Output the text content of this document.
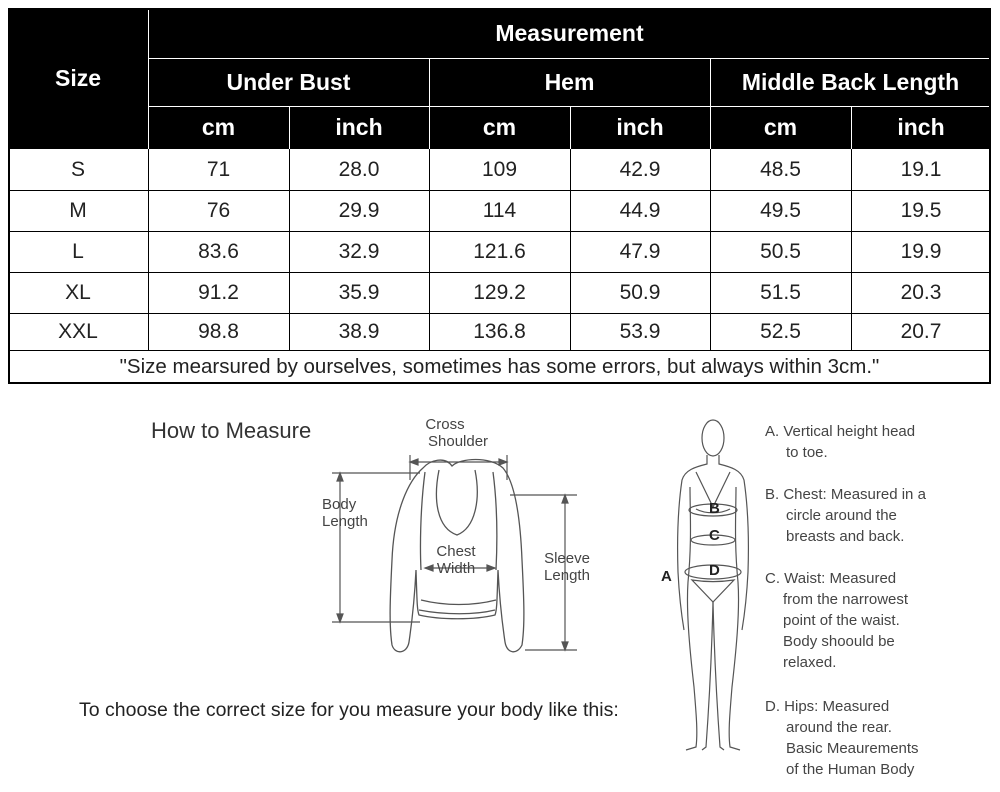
Size
Measurement
Under Bust	Hem	Middle Back Length
cm	inch	cm	inch	cm	inch
S	71	28.0	109	42.9	48.5	19.1
M	76	29.9	114	44.9	49.5	19.5
L	83.6	32.9	121.6	47.9	50.5	19.9
XL	91.2	35.9	129.2	50.9	51.5	20.3
XXL	98.8	38.9	136.8	53.9	52.5	20.7
"Size mearsured by ourselves, sometimes has some errors, but always within 3cm."
How to Measure
To choose the correct size for you measure your body like this:
Cross
Shoulder
Body
Length
Chest
Width
Sleeve
Length
B
C
D
A
A. Vertical height head
to toe.
B. Chest: Measured in a
circle around the
breasts and back.
C. Waist: Measured
from the narrowest
point of the waist.
Body shoould be
relaxed.
D. Hips: Measured
around the rear.
Basic Meaurements
of the Human Body
